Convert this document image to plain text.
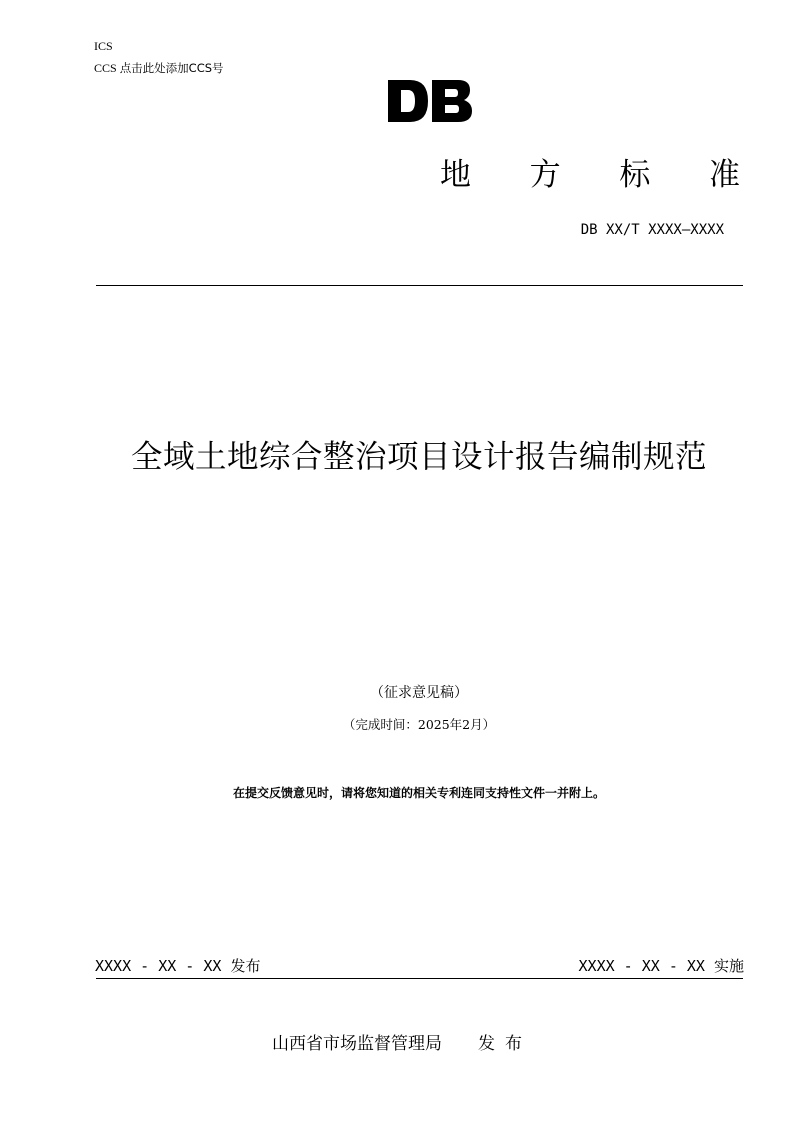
ICS
CCS 点击此处添加CCS号
地 方 标 准
DB XX/T XXXX—XXXX
全域土地综合整治项目设计报告编制规范
（征求意见稿）
（完成时间：2025年2月）
在提交反馈意见时，请将您知道的相关专利连同支持性文件一并附上。
XXXX - XX - XX 发布	XXXX - XX - XX 实施
山西省市场监督管理局 发布
